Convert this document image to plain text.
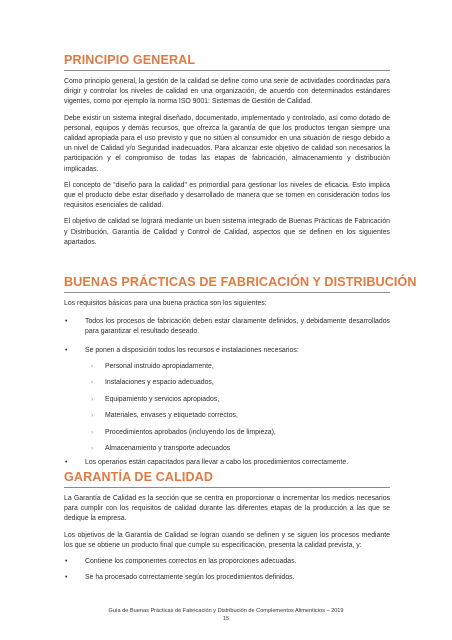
PRINCIPIO GENERAL

Como principio general, la gestión de la calidad se define como una serie de actividades coordinadas para dirigir y controlar los niveles de calidad en una organización, de acuerdo con determinados estándares vigentes, como por ejemplo la norma ISO 9001: Sistemas de Gestión de Calidad.

Debe existir un sistema integral diseñado, documentado, implementado y controlado, así como dotado de personal, equipos y demás recursos, que ofrezca la garantía de que los productos tengan siempre una calidad apropiada para el uso previsto y que no sitúen al consumidor en una situación de riesgo debido a un nivel de Calidad y/o Seguridad inadecuados. Para alcanzar este objetivo de calidad son necesarios la participación y el compromiso de todas las etapas de fabricación, almacenamiento y distribución implicadas.

El concepto de “diseño para la calidad” es primordial para gestionar los niveles de eficacia. Esto implica que el producto debe estar diseñado y desarrollado de manera que se tomen en consideración todos los requisitos esenciales de calidad.

El objetivo de calidad se logrará mediante un buen sistema integrado de Buenas Prácticas de Fabricación y Distribución, Garantía de Calidad y Control de Calidad, aspectos que se definen en los siguientes apartados.

BUENAS PRÁCTICAS DE FABRICACIÓN Y DISTRIBUCIÓN

Los requisitos básicos para una buena práctica son los siguientes:

•	Todos los procesos de fabricación deben estar claramente definidos, y debidamente desarrollados para garantizar el resultado deseado.
•	Se ponen a disposición todos los recursos e instalaciones necesarios:
› Personal instruido apropiadamente,
› Instalaciones y espacio adecuados,
› Equipamiento y servicios apropiados,
› Materiales, envases y etiquetado correctos,
› Procedimientos aprobados (incluyendo los de limpieza),
› Almacenamiento y transporte adecuados
•	Los operarios están capacitados para llevar a cabo los procedimientos correctamente.
GARANTÍA DE CALIDAD

La Garantía de Calidad es la sección que se centra en proporcionar o incrementar los medios necesarios para cumplir con los requisitos de calidad durante las diferentes etapas de la producción a las que se dedique la empresa.

Los objetivos de la Garantía de Calidad se logran cuando se definen y se siguen los procesos mediante los que se obtiene un producto final que cumple su especificación, presenta la calidad prevista, y:

•	Contiene los componentes correctos en las proporciones adecuadas.
•	Se ha procesado correctamente según los procedimientos definidos.
Guía de Buenas Prácticas de Fabricación y Distribución de Complementos Alimenticios – 2019
15
